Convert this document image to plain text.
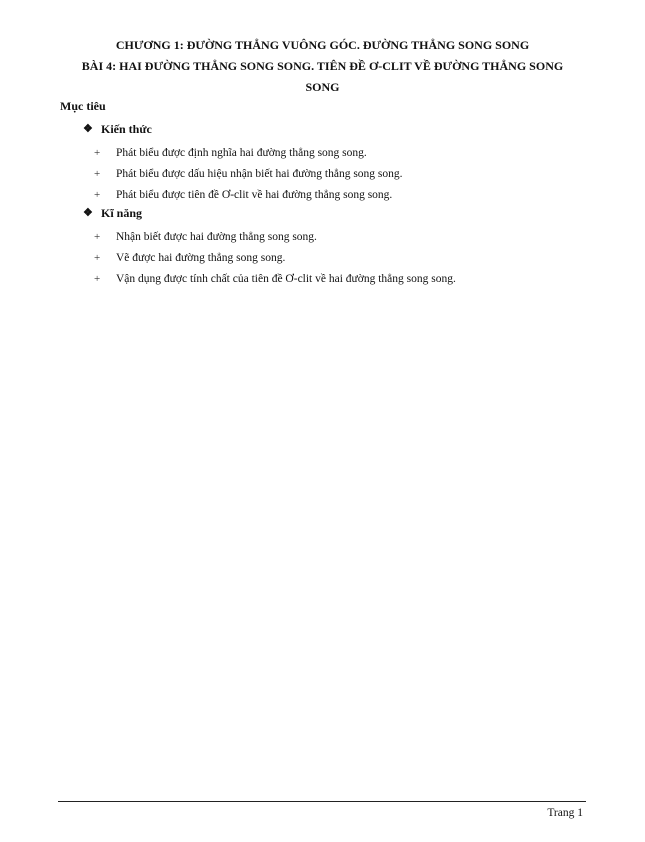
CHƯƠNG 1: ĐƯỜNG THẲNG VUÔNG GÓC. ĐƯỜNG THẲNG SONG SONG
BÀI 4: HAI ĐƯỜNG THẲNG SONG SONG. TIÊN ĐỀ Ơ-CLIT VỀ ĐƯỜNG THẲNG SONG
SONG
Mục tiêu
❖ Kiến thức
+	Phát biểu được định nghĩa hai đường thẳng song song.
+	Phát biểu được dấu hiệu nhận biết hai đường thẳng song song.
+	Phát biểu được tiên đề Ơ-clit về hai đường thẳng song song.
❖ Kĩ năng
+	Nhận biết được hai đường thẳng song song.
+	Vẽ được hai đường thẳng song song.
+	Vận dụng được tính chất của tiên đề Ơ-clit về hai đường thẳng song song.
Trang 1
